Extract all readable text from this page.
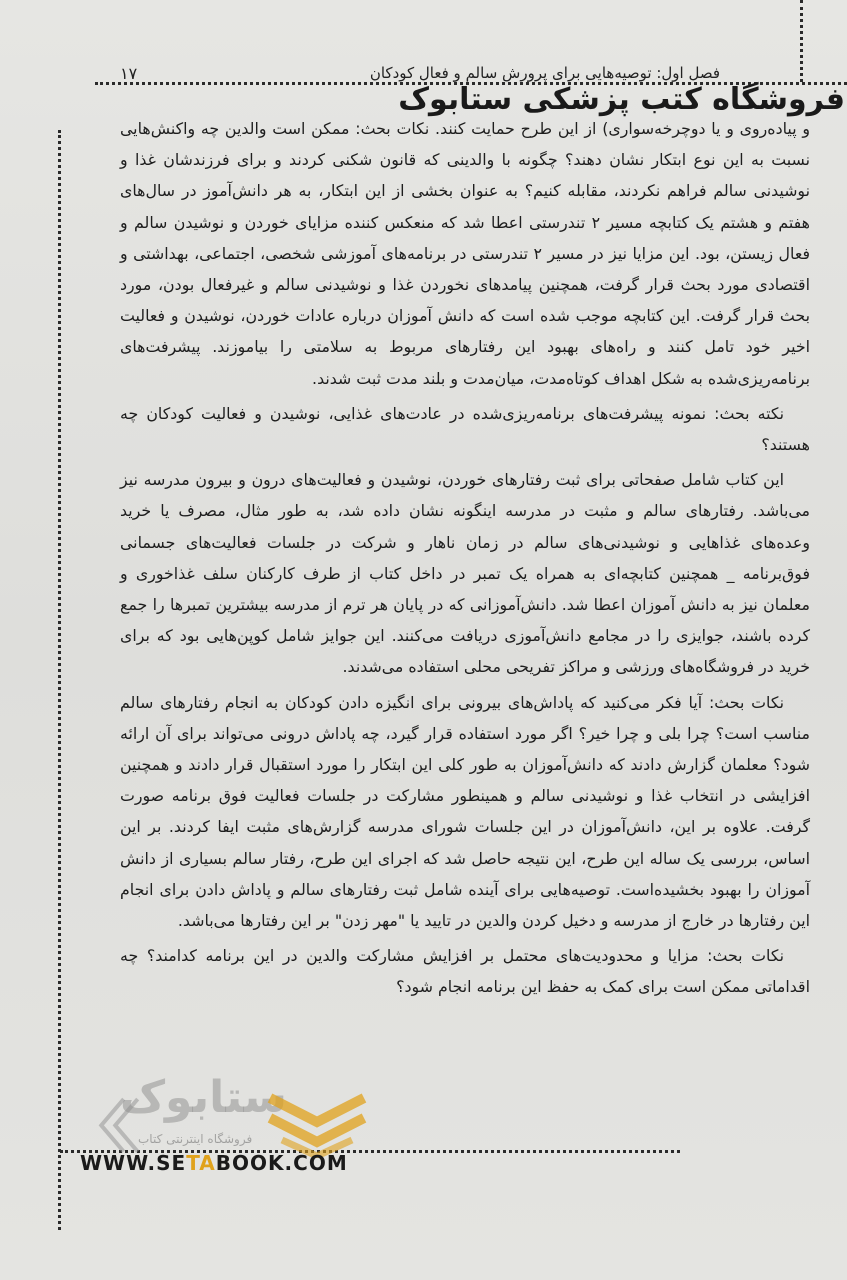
فصل اول: توصیه‌هایی برای پرورش سالم و فعال کودکان
۱۷
فروشگاه کتب پزشکی ستابوک

و پیاده‌روی و یا دوچرخه‌سواری) از این طرح حمایت کنند. نکات بحث: ممکن است والدین چه واکنش‌هایی نسبت به این نوع ابتکار نشان دهند؟ چگونه با والدینی که قانون شکنی کردند و برای فرزندشان غذا و نوشیدنی سالم فراهم نکردند، مقابله کنیم؟ به عنوان بخشی از این ابتکار، به هر دانش‌آموز در سال‌های هفتم و هشتم یک کتابچه مسیر ۲ تندرستی اعطا شد که منعکس کننده مزایای خوردن و نوشیدن سالم و فعال زیستن، بود. این مزایا نیز در مسیر ۲ تندرستی در برنامه‌های آموزشی شخصی، اجتماعی، بهداشتی و اقتصادی مورد بحث قرار گرفت، همچنین پیامدهای نخوردن غذا و نوشیدنی سالم و غیرفعال بودن، مورد بحث قرار گرفت. این کتابچه موجب شده است که دانش آموزان درباره عادات خوردن، نوشیدن و فعالیت اخیر خود تامل کنند و راه‌های بهبود این رفتارهای مربوط به سلامتی را بیاموزند. پیشرفت‌های برنامه‌ریزی‌شده به شکل اهداف کوتاه‌مدت، میان‌مدت و بلند مدت ثبت شدند.

نکته بحث: نمونه پیشرفت‌های برنامه‌ریزی‌شده در عادت‌های غذایی، نوشیدن و فعالیت کودکان چه هستند؟

این کتاب شامل صفحاتی برای ثبت رفتارهای خوردن، نوشیدن و فعالیت‌های درون و بیرون مدرسه نیز می‌باشد. رفتارهای سالم و مثبت در مدرسه اینگونه نشان داده شد، به طور مثال، مصرف یا خرید وعده‌های غذاهایی و نوشیدنی‌های سالم در زمان ناهار و شرکت در جلسات فعالیت‌های جسمانی فوق‌برنامه _ همچنین کتابچه‌ای به همراه یک تمبر در داخل کتاب از طرف کارکنان سلف غذاخوری و معلمان نیز به دانش آموزان اعطا شد. دانش‌آموزانی که در پایان هر ترم از مدرسه بیشترین تمبرها را جمع کرده باشند، جوایزی را در مجامع دانش‌آموزی دریافت می‌کنند. این جوایز شامل کوپن‌هایی بود که برای خرید در فروشگاه‌های ورزشی و مراکز تفریحی محلی استفاده می‌شدند.

نکات بحث: آیا فکر می‌کنید که پاداش‌های بیرونی برای انگیزه دادن کودکان به انجام رفتارهای سالم مناسب است؟ چرا بلی و چرا خیر؟ اگر مورد استفاده قرار گیرد، چه پاداش درونی می‌تواند برای آن ارائه شود؟ معلمان گزارش دادند که دانش‌آموزان به طور کلی این ابتکار را مورد استقبال قرار دادند و همچنین افزایشی در انتخاب غذا و نوشیدنی سالم و همینطور مشارکت در جلسات فعالیت فوق برنامه صورت گرفت. علاوه بر این، دانش‌آموزان در این جلسات شورای مدرسه گزارش‌های مثبت ایفا کردند. بر این اساس، بررسی یک ساله این طرح، این نتیجه حاصل شد که اجرای این طرح، رفتار سالم بسیاری از دانش آموزان را بهبود بخشیده‌است. توصیه‌هایی برای آینده شامل ثبت رفتارهای سالم و پاداش دادن برای انجام این رفتارها در خارج از مدرسه و دخیل کردن والدین در تایید یا "مهر زدن" بر این رفتارها می‌باشد.

نکات بحث: مزایا و محدودیت‌های محتمل بر افزایش مشارکت والدین در این برنامه کدامند؟ چه اقداماتی ممکن است برای کمک به حفظ این برنامه انجام شود؟

〈〈
ستابوک
فروشگاه اینترنتی کتاب
WWW.SETABOOK.COM
